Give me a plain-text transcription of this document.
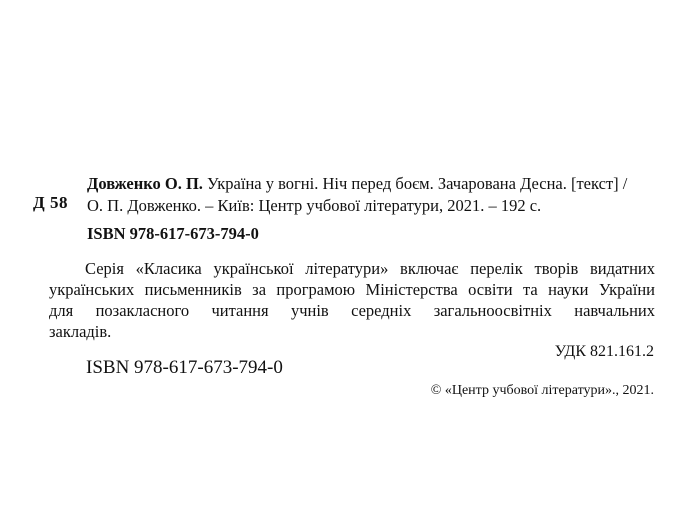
Д 58
Довженко О. П. Україна у вогні. Ніч перед боєм. Зачарована Десна. [текст] /
О. П. Довженко. – Київ: Центр учбової літератури, 2021. – 192 с.
ISBN 978-617-673-794-0
Серія «Класика української літератури» включає перелік творів видатних
українських письменників за програмою Міністерства освіти та науки України
для позакласного читання учнів середніх загальноосвітніх навчальних
закладів.
УДК 821.161.2
ISBN 978-617-673-794-0
© «Центр учбової літератури»., 2021.
